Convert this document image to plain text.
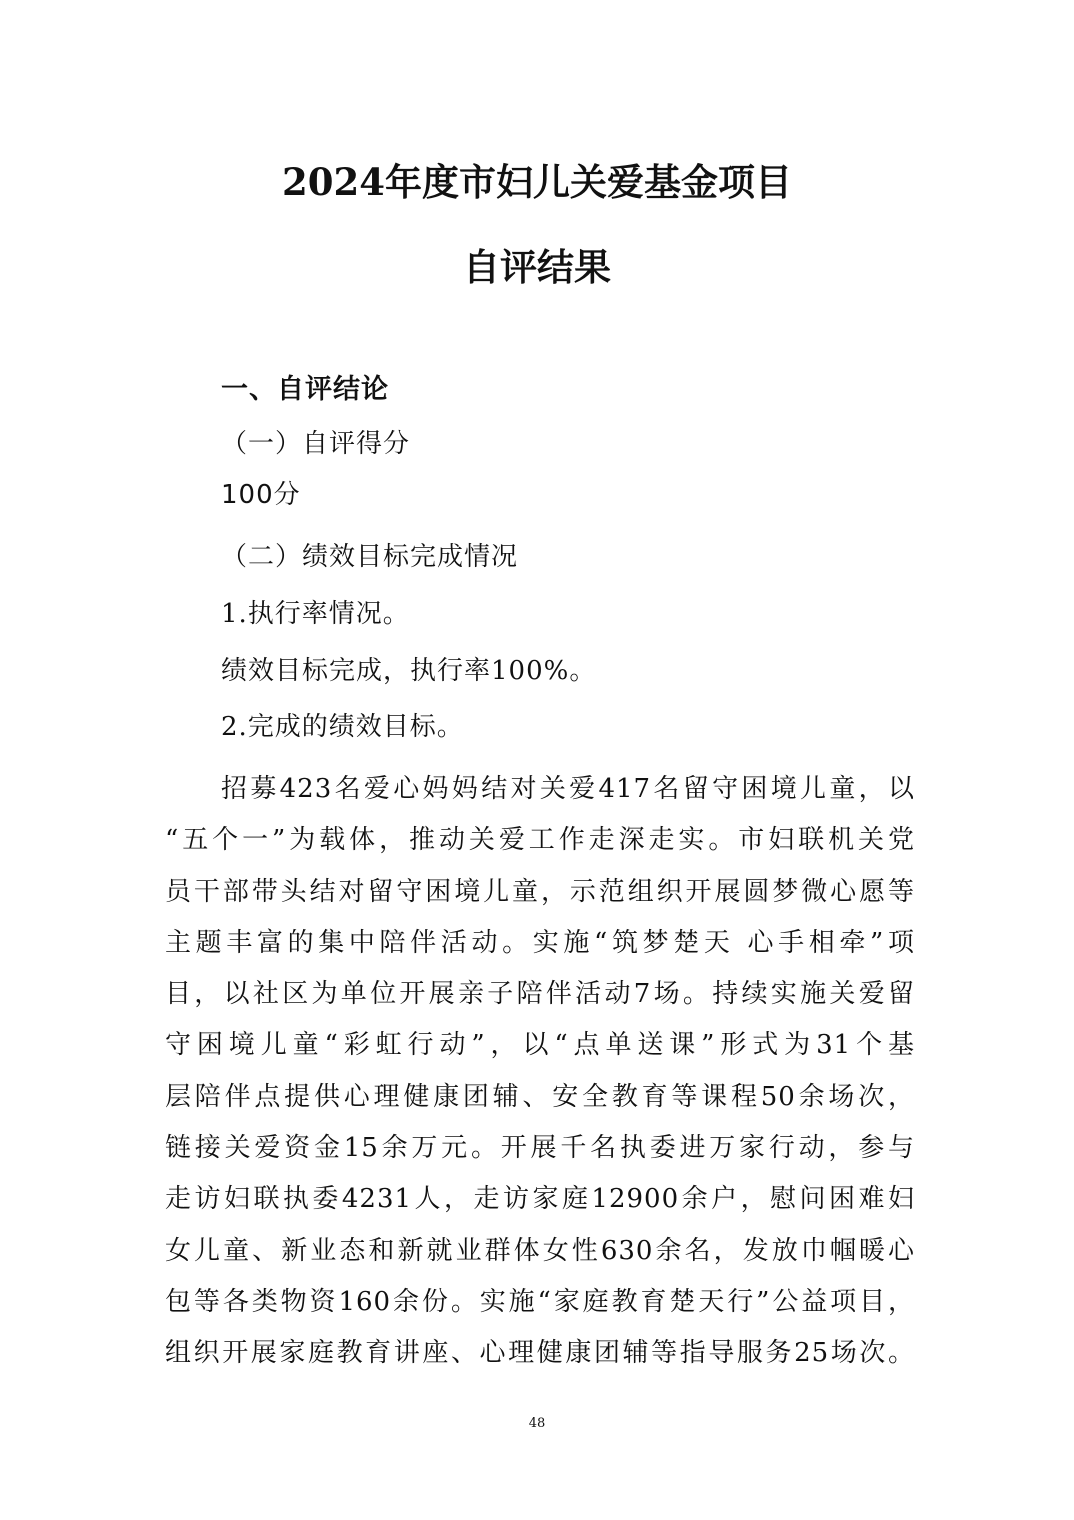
2024年度市妇儿关爱基金项目
自评结果
一、自评结论
（一）自评得分
100分
（二）绩效目标完成情况
1.执行率情况。
绩效目标完成，执行率100%。
2.完成的绩效目标。
招募423名爱心妈妈结对关爱417名留守困境儿童，以
“五个一”为载体，推动关爱工作走深走实。市妇联机关党
员干部带头结对留守困境儿童，示范组织开展圆梦微心愿等
主题丰富的集中陪伴活动。实施“筑梦楚天 心手相牵”项
目，以社区为单位开展亲子陪伴活动7场。持续实施关爱留
守困境儿童“彩虹行动”，以“点单送课”形式为31个基
层陪伴点提供心理健康团辅、安全教育等课程50余场次，
链接关爱资金15余万元。开展千名执委进万家行动，参与
走访妇联执委4231人，走访家庭12900余户，慰问困难妇
女儿童、新业态和新就业群体女性630余名，发放巾帼暖心
包等各类物资160余份。实施“家庭教育楚天行”公益项目，
组织开展家庭教育讲座、心理健康团辅等指导服务25场次。
48
